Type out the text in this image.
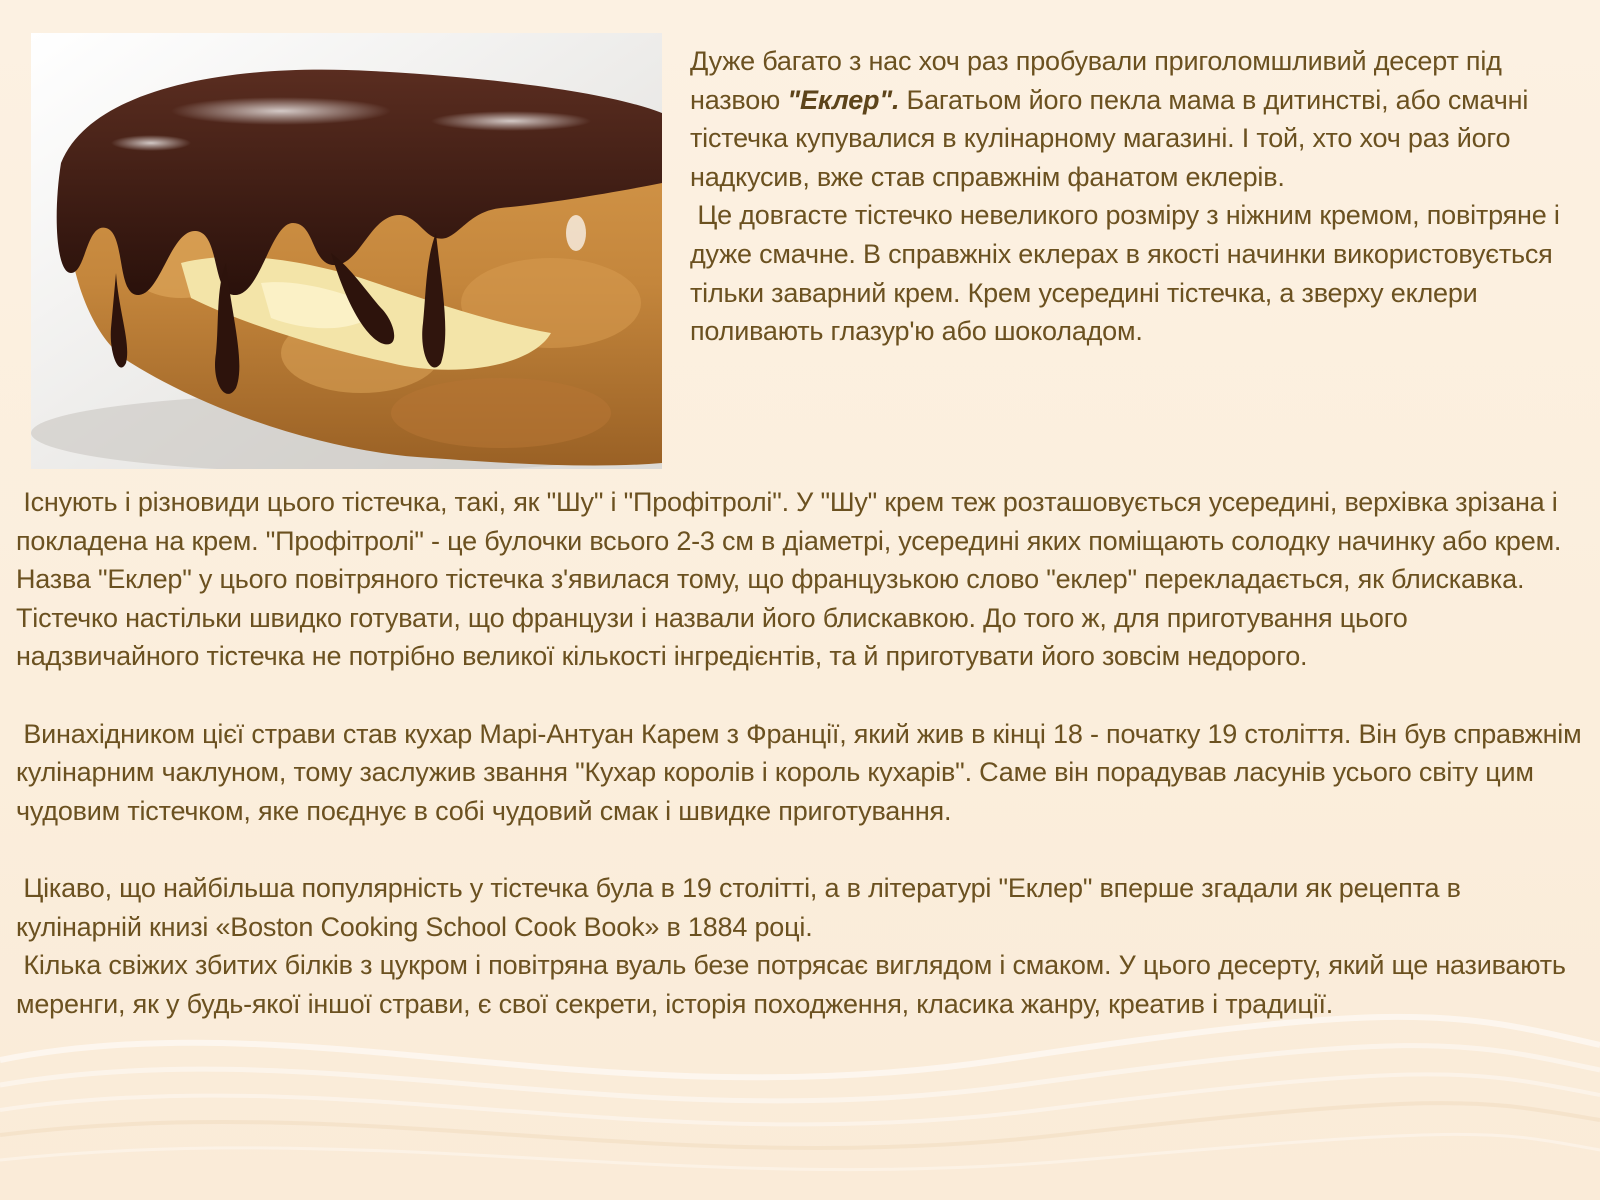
Дуже багато з нас хоч раз пробували приголомшливий десерт під назвою "Еклер". Багатьом його пекла мама в дитинстві, або смачні тістечка купувалися в кулінарному магазині. І той, хто хоч раз його надкусив, вже став справжнім фанатом еклерів.

Це довгасте тістечко невеликого розміру з ніжним кремом, повітряне і дуже смачне. В справжніх еклерах в якості начинки використовується тільки заварний крем. Крем усередині тістечка, а зверху еклери поливають глазур'ю або шоколадом.

Існують і різновиди цього тістечка, такі, як "Шу" і "Профітролі". У "Шу" крем теж розташовується усередині, верхівка зрізана і покладена на крем. "Профітролі" - це булочки всього 2-3 см в діаметрі, усередині яких поміщають солодку начинку або крем.

Назва "Еклер" у цього повітряного тістечка з'явилася тому, що французькою слово "еклер" перекладається, як блискавка. Тістечко настільки швидко готувати, що французи і назвали його блискавкою. До того ж, для приготування цього надзвичайного тістечка не потрібно великої кількості інгредієнтів, та й приготувати його зовсім недорого.

Винахідником цієї страви став кухар Марі-Антуан Карем з Франції, який жив в кінці 18 - початку 19 століття. Він був справжнім кулінарним чаклуном, тому заслужив звання "Кухар королів і король кухарів". Саме він порадував ласунів усього світу цим чудовим тістечком, яке поєднує в собі чудовий смак і швидке приготування.

Цікаво, що найбільша популярність у тістечка була в 19 столітті, а в літературі "Еклер" вперше згадали як рецепта в кулінарній книзі «Boston Cooking School Cook Book» в 1884 році.

Кілька свіжих збитих білків з цукром і повітряна вуаль безе потрясає виглядом і смаком. У цього десерту, який ще називають меренги, як у будь-якої іншої страви, є свої секрети, історія походження, класика жанру, креатив і традиції.
